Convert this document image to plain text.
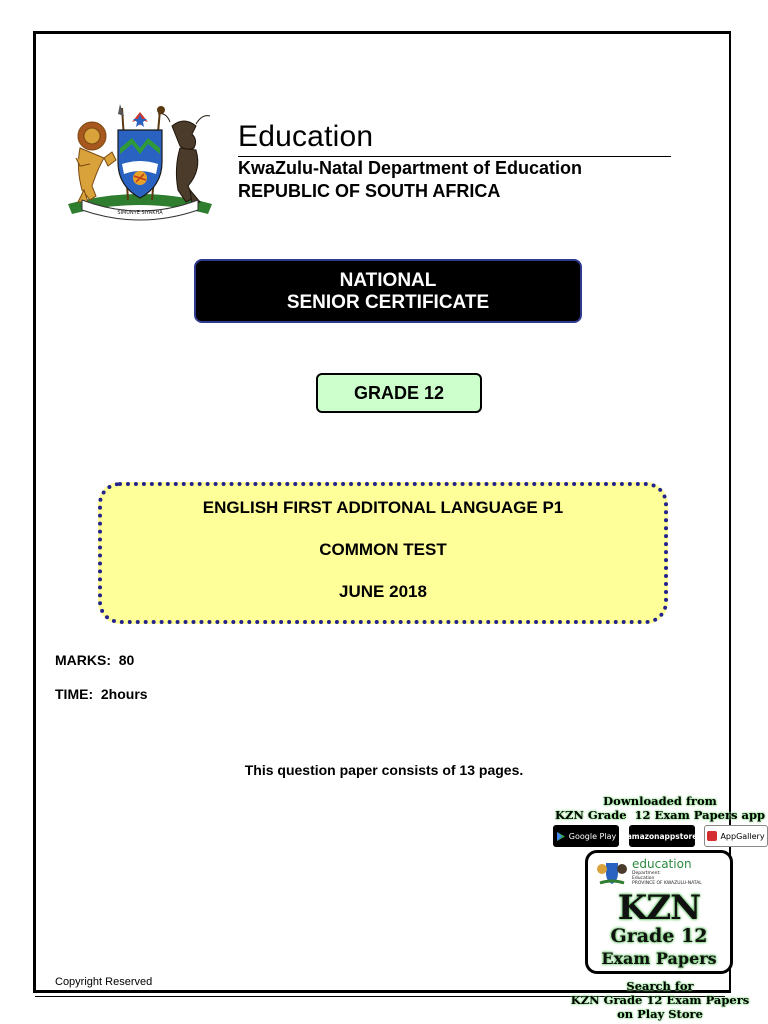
SIMUNYE SIYAKHA
Education
KwaZulu-Natal Department of Education
REPUBLIC OF SOUTH AFRICA
NATIONAL
SENIOR CERTIFICATE
GRADE 12
ENGLISH FIRST ADDITONAL LANGUAGE P1
COMMON TEST
JUNE 2018
MARKS:  80
TIME:  2hours
This question paper consists of 13 pages.
Copyright Reserved
Downloaded from
KZN Grade  12 Exam Papers app
Google Play amazonappstore	AppGallery
education
Department:
Education
PROVINCE OF KWAZULU-NATAL
KZN
Grade 12
Exam Papers
Search for
KZN Grade 12 Exam Papers
on Play Store
